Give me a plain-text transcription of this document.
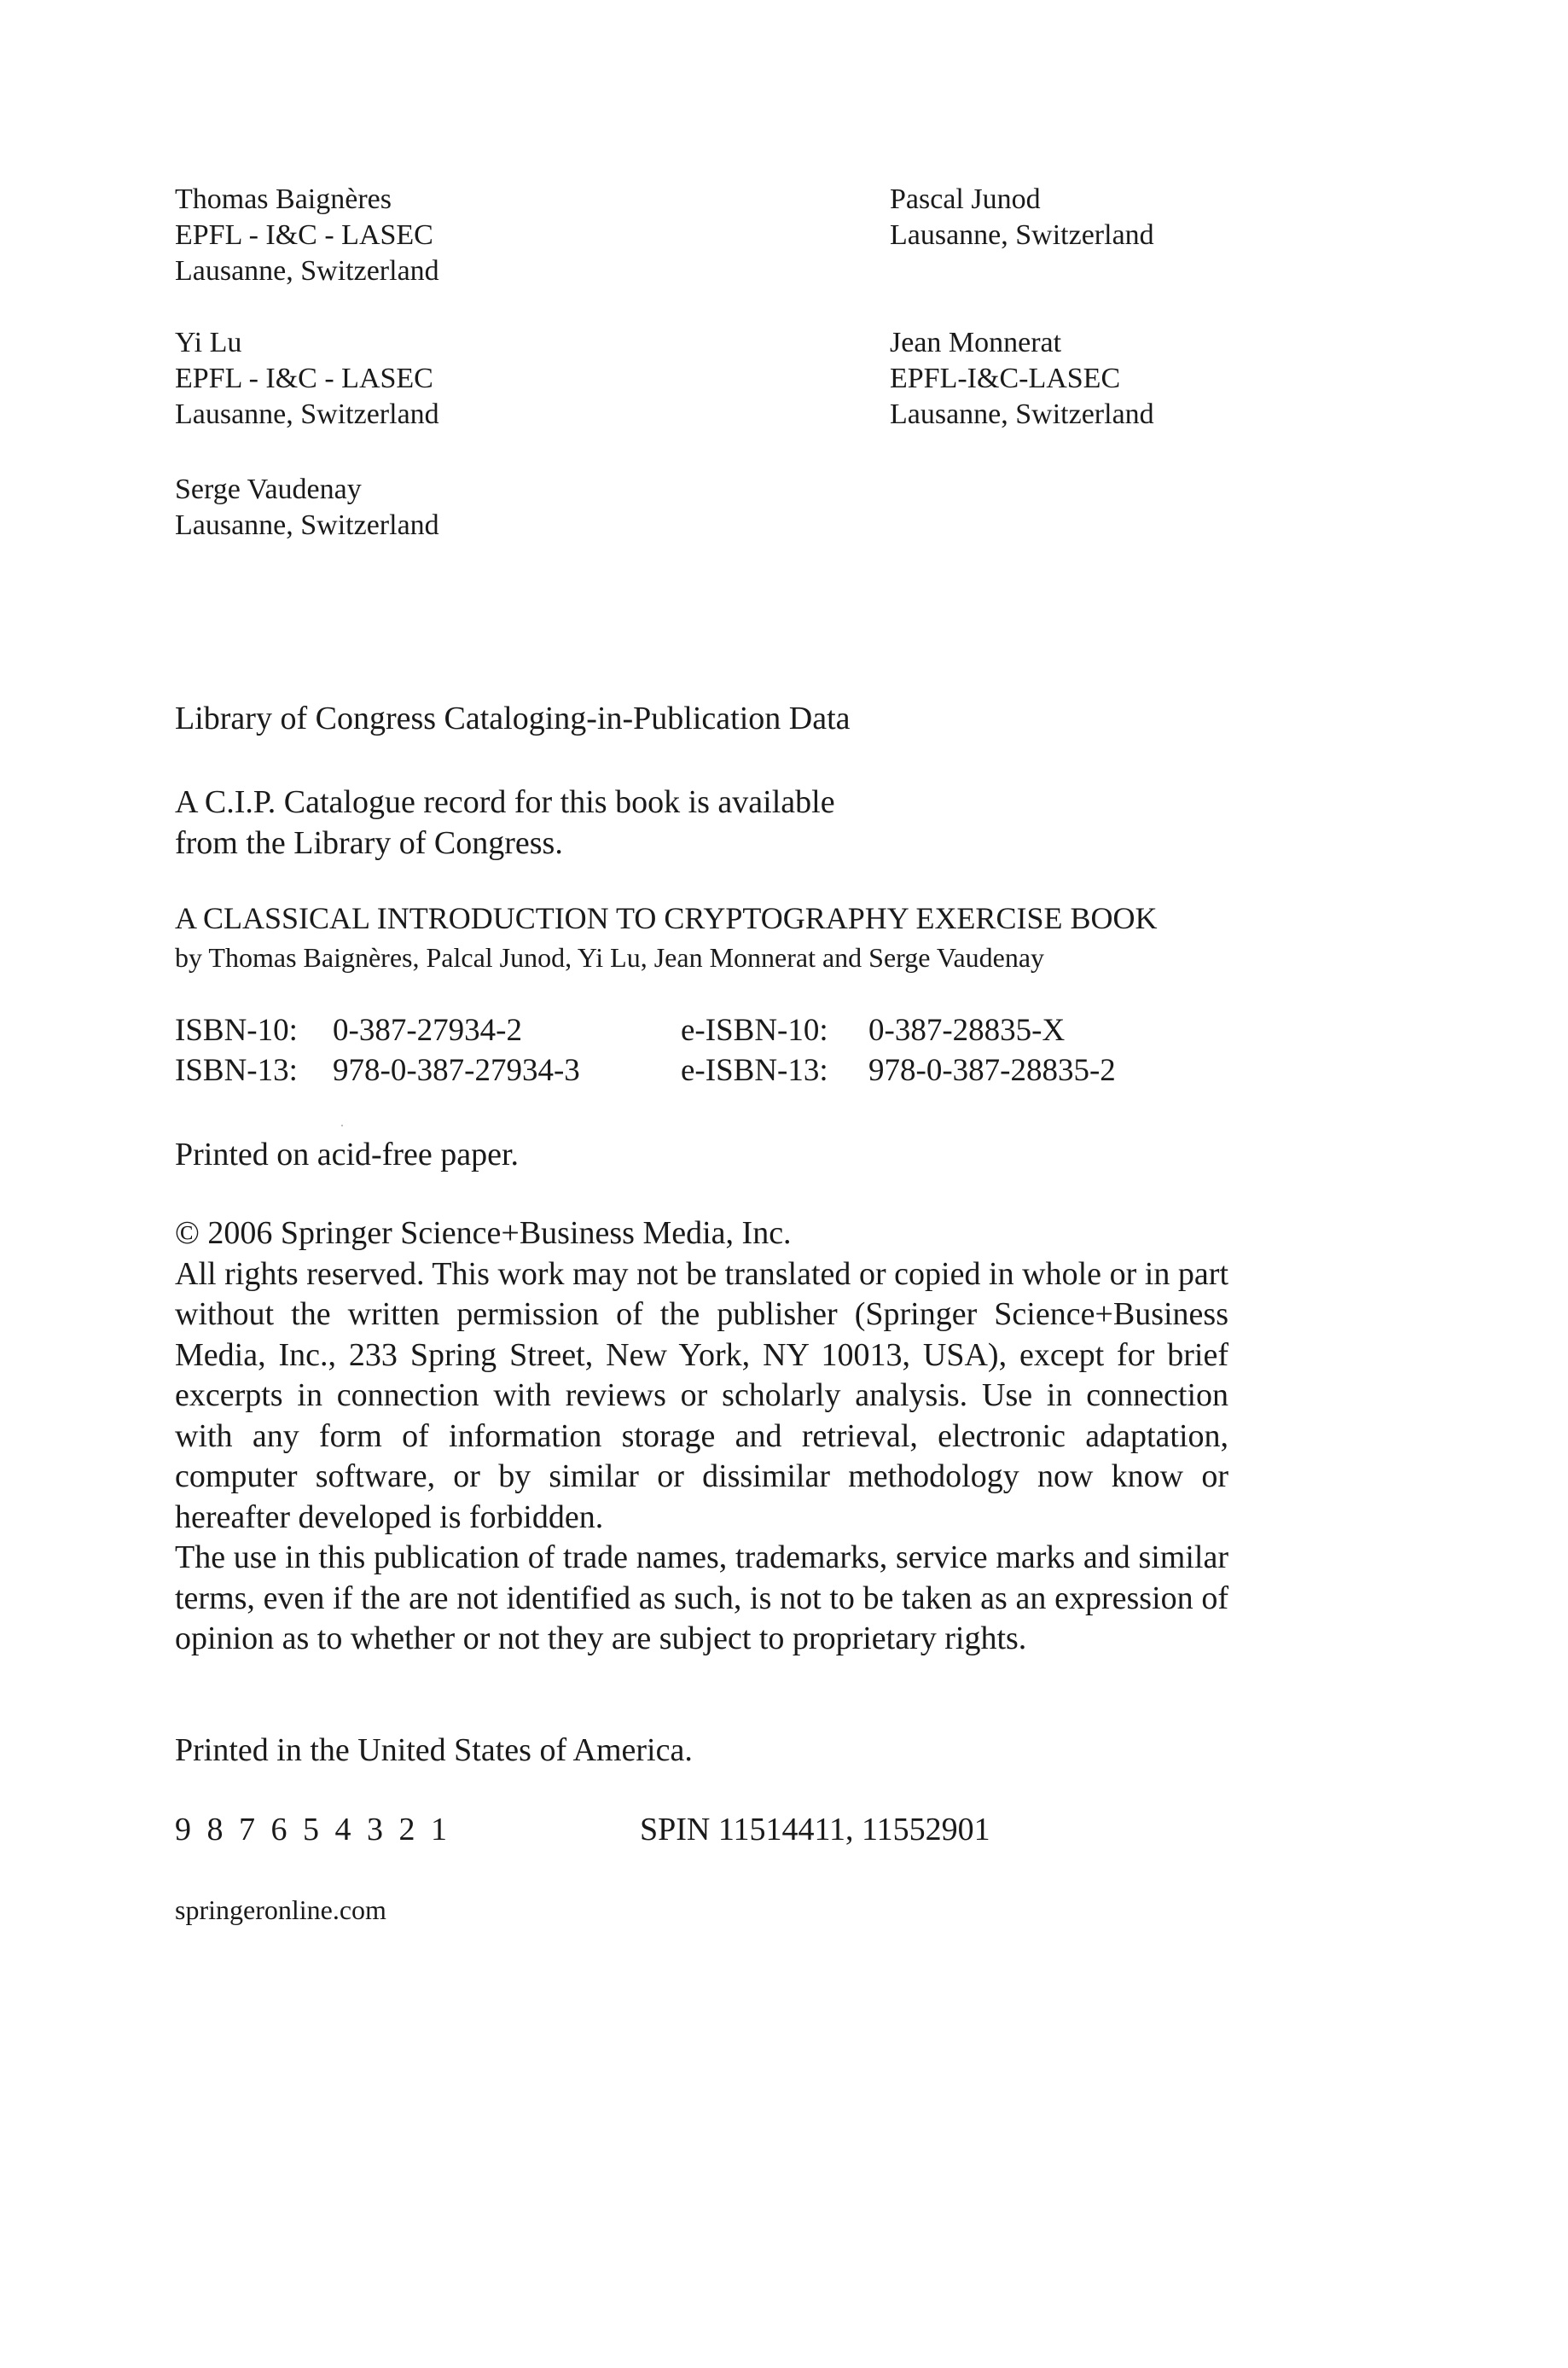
Thomas Baignères
EPFL - I&C - LASEC
Lausanne, Switzerland
Pascal Junod
Lausanne, Switzerland
Yi Lu
EPFL - I&C - LASEC
Lausanne, Switzerland
Jean Monnerat
EPFL-I&C-LASEC
Lausanne, Switzerland
Serge Vaudenay
Lausanne, Switzerland
Library of Congress Cataloging-in-Publication Data
A C.I.P. Catalogue record for this book is available
from the Library of Congress.
A CLASSICAL INTRODUCTION TO CRYPTOGRAPHY EXERCISE BOOK
by Thomas Baignères, Palcal Junod, Yi Lu, Jean Monnerat and Serge Vaudenay
ISBN-10: 0-387-27934-2	e-ISBN-10: 0-387-28835-X
ISBN-13: 978-0-387-27934-3	e-ISBN-13: 978-0-387-28835-2
Printed on acid-free paper.

© 2006 Springer Science+Business Media, Inc.

All rights reserved. This work may not be translated or copied in whole or in part without the written permission of the publisher (Springer Science+Business Media, Inc., 233 Spring Street, New York, NY 10013, USA), except for brief excerpts in connection with reviews or scholarly analysis. Use in connection with any form of information storage and retrieval, electronic adaptation, computer software, or by similar or dissimilar methodology now know or hereafter developed is forbidden.

The use in this publication of trade names, trademarks, service marks and similar terms, even if the are not identified as such, is not to be taken as an expression of opinion as to whether or not they are subject to proprietary rights.

Printed in the United States of America.
9 8 7 6 5 4 3 2 1	SPIN 11514411, 11552901
springeronline.com
